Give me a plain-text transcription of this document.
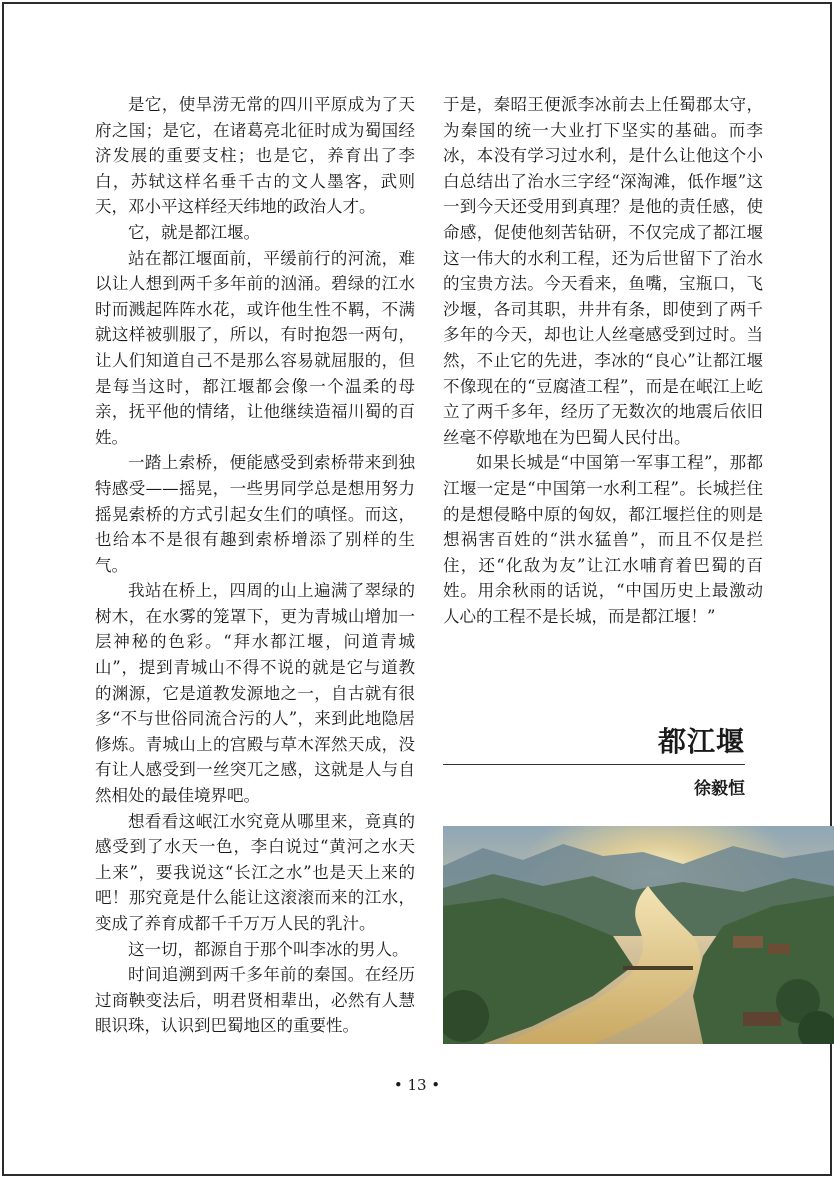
是它，使旱涝无常的四川平原成为了天府之国；是它，在诸葛亮北征时成为蜀国经济发展的重要支柱；也是它，养育出了李白，苏轼这样名垂千古的文人墨客，武则天，邓小平这样经天纬地的政治人才。

它，就是都江堰。

站在都江堰面前，平缓前行的河流，难以让人想到两千多年前的汹涌。碧绿的江水时而溅起阵阵水花，或许他生性不羁，不满就这样被驯服了，所以，有时抱怨一两句，让人们知道自己不是那么容易就屈服的，但是每当这时，都江堰都会像一个温柔的母亲，抚平他的情绪，让他继续造福川蜀的百姓。

一踏上索桥，便能感受到索桥带来到独特感受——摇晃，一些男同学总是想用努力摇晃索桥的方式引起女生们的嗔怪。而这，也给本不是很有趣到索桥增添了别样的生气。

我站在桥上，四周的山上遍满了翠绿的树木，在水雾的笼罩下，更为青城山增加一层神秘的色彩。“拜水都江堰，问道青城山”，提到青城山不得不说的就是它与道教的渊源，它是道教发源地之一，自古就有很多“不与世俗同流合污的人”，来到此地隐居修炼。青城山上的宫殿与草木浑然天成，没有让人感受到一丝突兀之感，这就是人与自然相处的最佳境界吧。

想看看这岷江水究竟从哪里来，竟真的感受到了水天一色，李白说过“黄河之水天上来”，要我说这“长江之水”也是天上来的吧！那究竟是什么能让这滚滚而来的江水，变成了养育成都千千万万人民的乳汁。

这一切，都源自于那个叫李冰的男人。

时间追溯到两千多年前的秦国。在经历过商鞅变法后，明君贤相辈出，必然有人慧眼识珠，认识到巴蜀地区的重要性。

于是，秦昭王便派李冰前去上任蜀郡太守，为秦国的统一大业打下坚实的基础。而李冰，本没有学习过水利，是什么让他这个小白总结出了治水三字经“深淘滩，低作堰”这一到今天还受用到真理？是他的责任感，使命感，促使他刻苦钻研，不仅完成了都江堰这一伟大的水利工程，还为后世留下了治水的宝贵方法。今天看来，鱼嘴，宝瓶口，飞沙堰，各司其职，井井有条，即使到了两千多年的今天，却也让人丝毫感受到过时。当然，不止它的先进，李冰的“良心”让都江堰不像现在的“豆腐渣工程”，而是在岷江上屹立了两千多年，经历了无数次的地震后依旧丝毫不停歇地在为巴蜀人民付出。

如果长城是“中国第一军事工程”，那都江堰一定是“中国第一水利工程”。长城拦住的是想侵略中原的匈奴，都江堰拦住的则是想祸害百姓的“洪水猛兽”，而且不仅是拦住，还“化敌为友”让江水哺育着巴蜀的百姓。用余秋雨的话说，“中国历史上最激动人心的工程不是长城，而是都江堰！”

都江堰
徐毅恒
• 13 •
